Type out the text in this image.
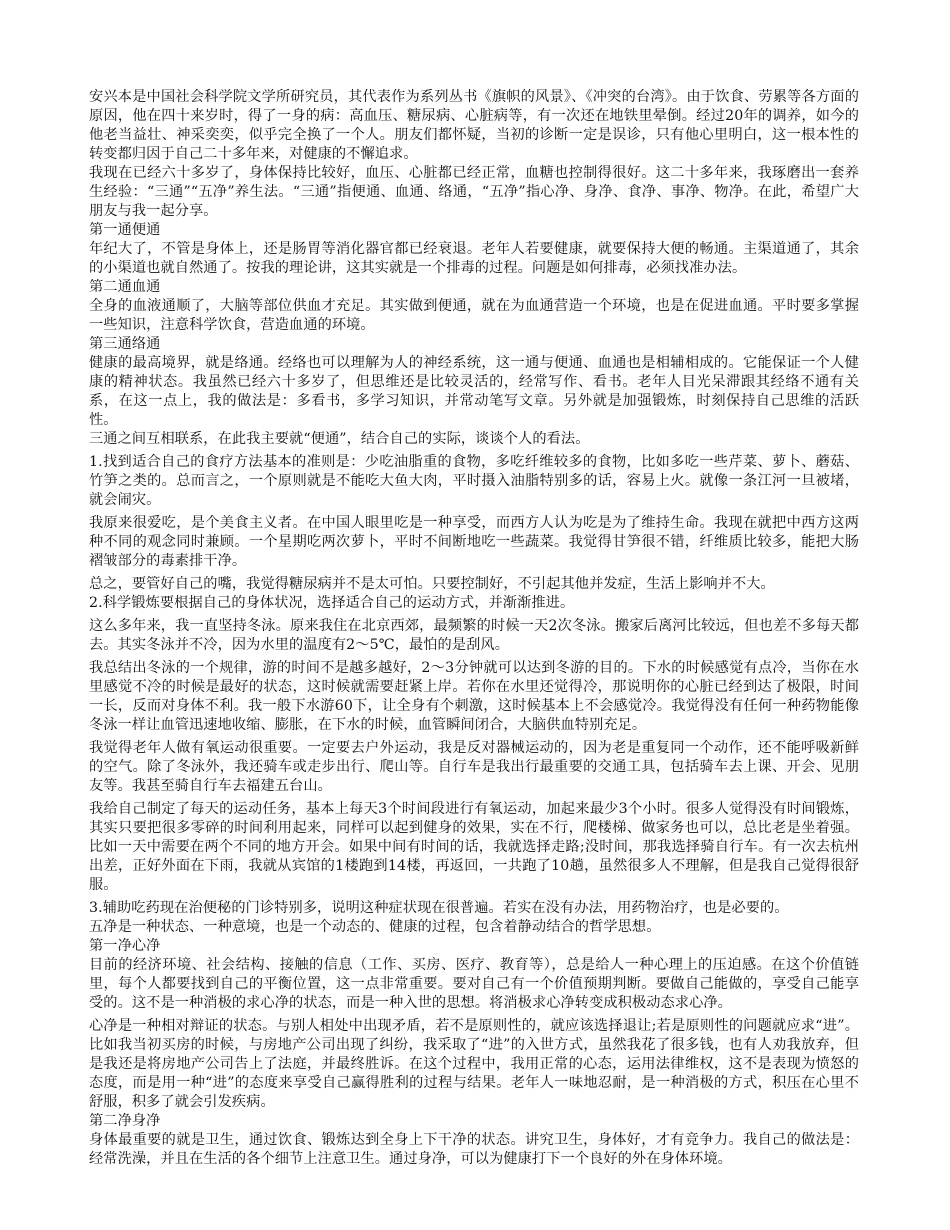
安兴本是中国社会科学院文学所研究员，其代表作为系列丛书《旗帜的风景》、《冲突的台湾》。由于饮食、劳累等各方面的原因，他在四十来岁时，得了一身的病：高血压、糖尿病、心脏病等，有一次还在地铁里晕倒。经过20年的调养，如今的他老当益壮、神采奕奕，似乎完全换了一个人。朋友们都怀疑，当初的诊断一定是误诊，只有他心里明白，这一根本性的转变都归因于自己二十多年来，对健康的不懈追求。

我现在已经六十多岁了，身体保持比较好，血压、心脏都已经正常，血糖也控制得很好。这二十多年来，我琢磨出一套养生经验：“三通”“五净”养生法。“三通”指便通、血通、络通，“五净”指心净、身净、食净、事净、物净。在此，希望广大朋友与我一起分享。

第一通便通

年纪大了，不管是身体上，还是肠胃等消化器官都已经衰退。老年人若要健康，就要保持大便的畅通。主渠道通了，其余的小渠道也就自然通了。按我的理论讲，这其实就是一个排毒的过程。问题是如何排毒，必须找准办法。

第二通血通

全身的血液通顺了，大脑等部位供血才充足。其实做到便通，就在为血通营造一个环境，也是在促进血通。平时要多掌握一些知识，注意科学饮食，营造血通的环境。

第三通络通

健康的最高境界，就是络通。经络也可以理解为人的神经系统，这一通与便通、血通也是相辅相成的。它能保证一个人健康的精神状态。我虽然已经六十多岁了，但思维还是比较灵活的，经常写作、看书。老年人目光呆滞跟其经络不通有关系，在这一点上，我的做法是：多看书，多学习知识，并常动笔写文章。另外就是加强锻炼，时刻保持自己思维的活跃性。

三通之间互相联系，在此我主要就“便通”，结合自己的实际，谈谈个人的看法。

1.找到适合自己的食疗方法基本的准则是：少吃油脂重的食物，多吃纤维较多的食物，比如多吃一些芹菜、萝卜、蘑菇、竹笋之类的。总而言之，一个原则就是不能吃大鱼大肉，平时摄入油脂特别多的话，容易上火。就像一条江河一旦被堵，就会闹灾。

我原来很爱吃，是个美食主义者。在中国人眼里吃是一种享受，而西方人认为吃是为了维持生命。我现在就把中西方这两种不同的观念同时兼顾。一个星期吃两次萝卜，平时不间断地吃一些蔬菜。我觉得甘笋很不错，纤维质比较多，能把大肠褶皱部分的毒素排干净。

总之，要管好自己的嘴，我觉得糖尿病并不是太可怕。只要控制好，不引起其他并发症，生活上影响并不大。

2.科学锻炼要根据自己的身体状况，选择适合自己的运动方式，并渐渐推进。

这么多年来，我一直坚持冬泳。原来我住在北京西郊，最频繁的时候一天2次冬泳。搬家后离河比较远，但也差不多每天都去。其实冬泳并不冷，因为水里的温度有2～5℃，最怕的是刮风。

我总结出冬泳的一个规律，游的时间不是越多越好，2～3分钟就可以达到冬游的目的。下水的时候感觉有点冷，当你在水里感觉不冷的时候是最好的状态，这时候就需要赶紧上岸。若你在水里还觉得冷，那说明你的心脏已经到达了极限，时间一长，反而对身体不利。我一般下水游60下，让全身有个刺激，这时候基本上不会感觉冷。我觉得没有任何一种药物能像冬泳一样让血管迅速地收缩、膨胀，在下水的时候，血管瞬间闭合，大脑供血特别充足。

我觉得老年人做有氧运动很重要。一定要去户外运动，我是反对器械运动的，因为老是重复同一个动作，还不能呼吸新鲜的空气。除了冬泳外，我还骑车或走步出行、爬山等。自行车是我出行最重要的交通工具，包括骑车去上课、开会、见朋友等。我甚至骑自行车去福建五台山。

我给自己制定了每天的运动任务，基本上每天3个时间段进行有氧运动，加起来最少3个小时。很多人觉得没有时间锻炼，其实只要把很多零碎的时间利用起来，同样可以起到健身的效果，实在不行，爬楼梯、做家务也可以，总比老是坐着强。比如一天中需要在两个不同的地方开会。如果中间有时间的话，我就选择走路;没时间，那我选择骑自行车。有一次去杭州出差，正好外面在下雨，我就从宾馆的1楼跑到14楼，再返回，一共跑了10趟，虽然很多人不理解，但是我自己觉得很舒服。

3.辅助吃药现在治便秘的门诊特别多，说明这种症状现在很普遍。若实在没有办法，用药物治疗，也是必要的。

五净是一种状态、一种意境，也是一个动态的、健康的过程，包含着静动结合的哲学思想。

第一净心净

目前的经济环境、社会结构、接触的信息（工作、买房、医疗、教育等），总是给人一种心理上的压迫感。在这个价值链里，每个人都要找到自己的平衡位置，这一点非常重要。要对自己有一个价值预期判断。要做自己能做的，享受自己能享受的。这不是一种消极的求心净的状态，而是一种入世的思想。将消极求心净转变成积极动态求心净。

心净是一种相对辩证的状态。与别人相处中出现矛盾，若不是原则性的，就应该选择退让;若是原则性的问题就应求“进”。比如我当初买房的时候，与房地产公司出现了纠纷，我采取了“进”的入世方式，虽然我花了很多钱，也有人劝我放弃，但是我还是将房地产公司告上了法庭，并最终胜诉。在这个过程中，我用正常的心态，运用法律维权，这不是表现为愤怒的态度，而是用一种“进”的态度来享受自己赢得胜利的过程与结果。老年人一味地忍耐，是一种消极的方式，积压在心里不舒服，积多了就会引发疾病。

第二净身净

身体最重要的就是卫生，通过饮食、锻炼达到全身上下干净的状态。讲究卫生，身体好，才有竞争力。我自己的做法是：经常洗澡，并且在生活的各个细节上注意卫生。通过身净，可以为健康打下一个良好的外在身体环境。
